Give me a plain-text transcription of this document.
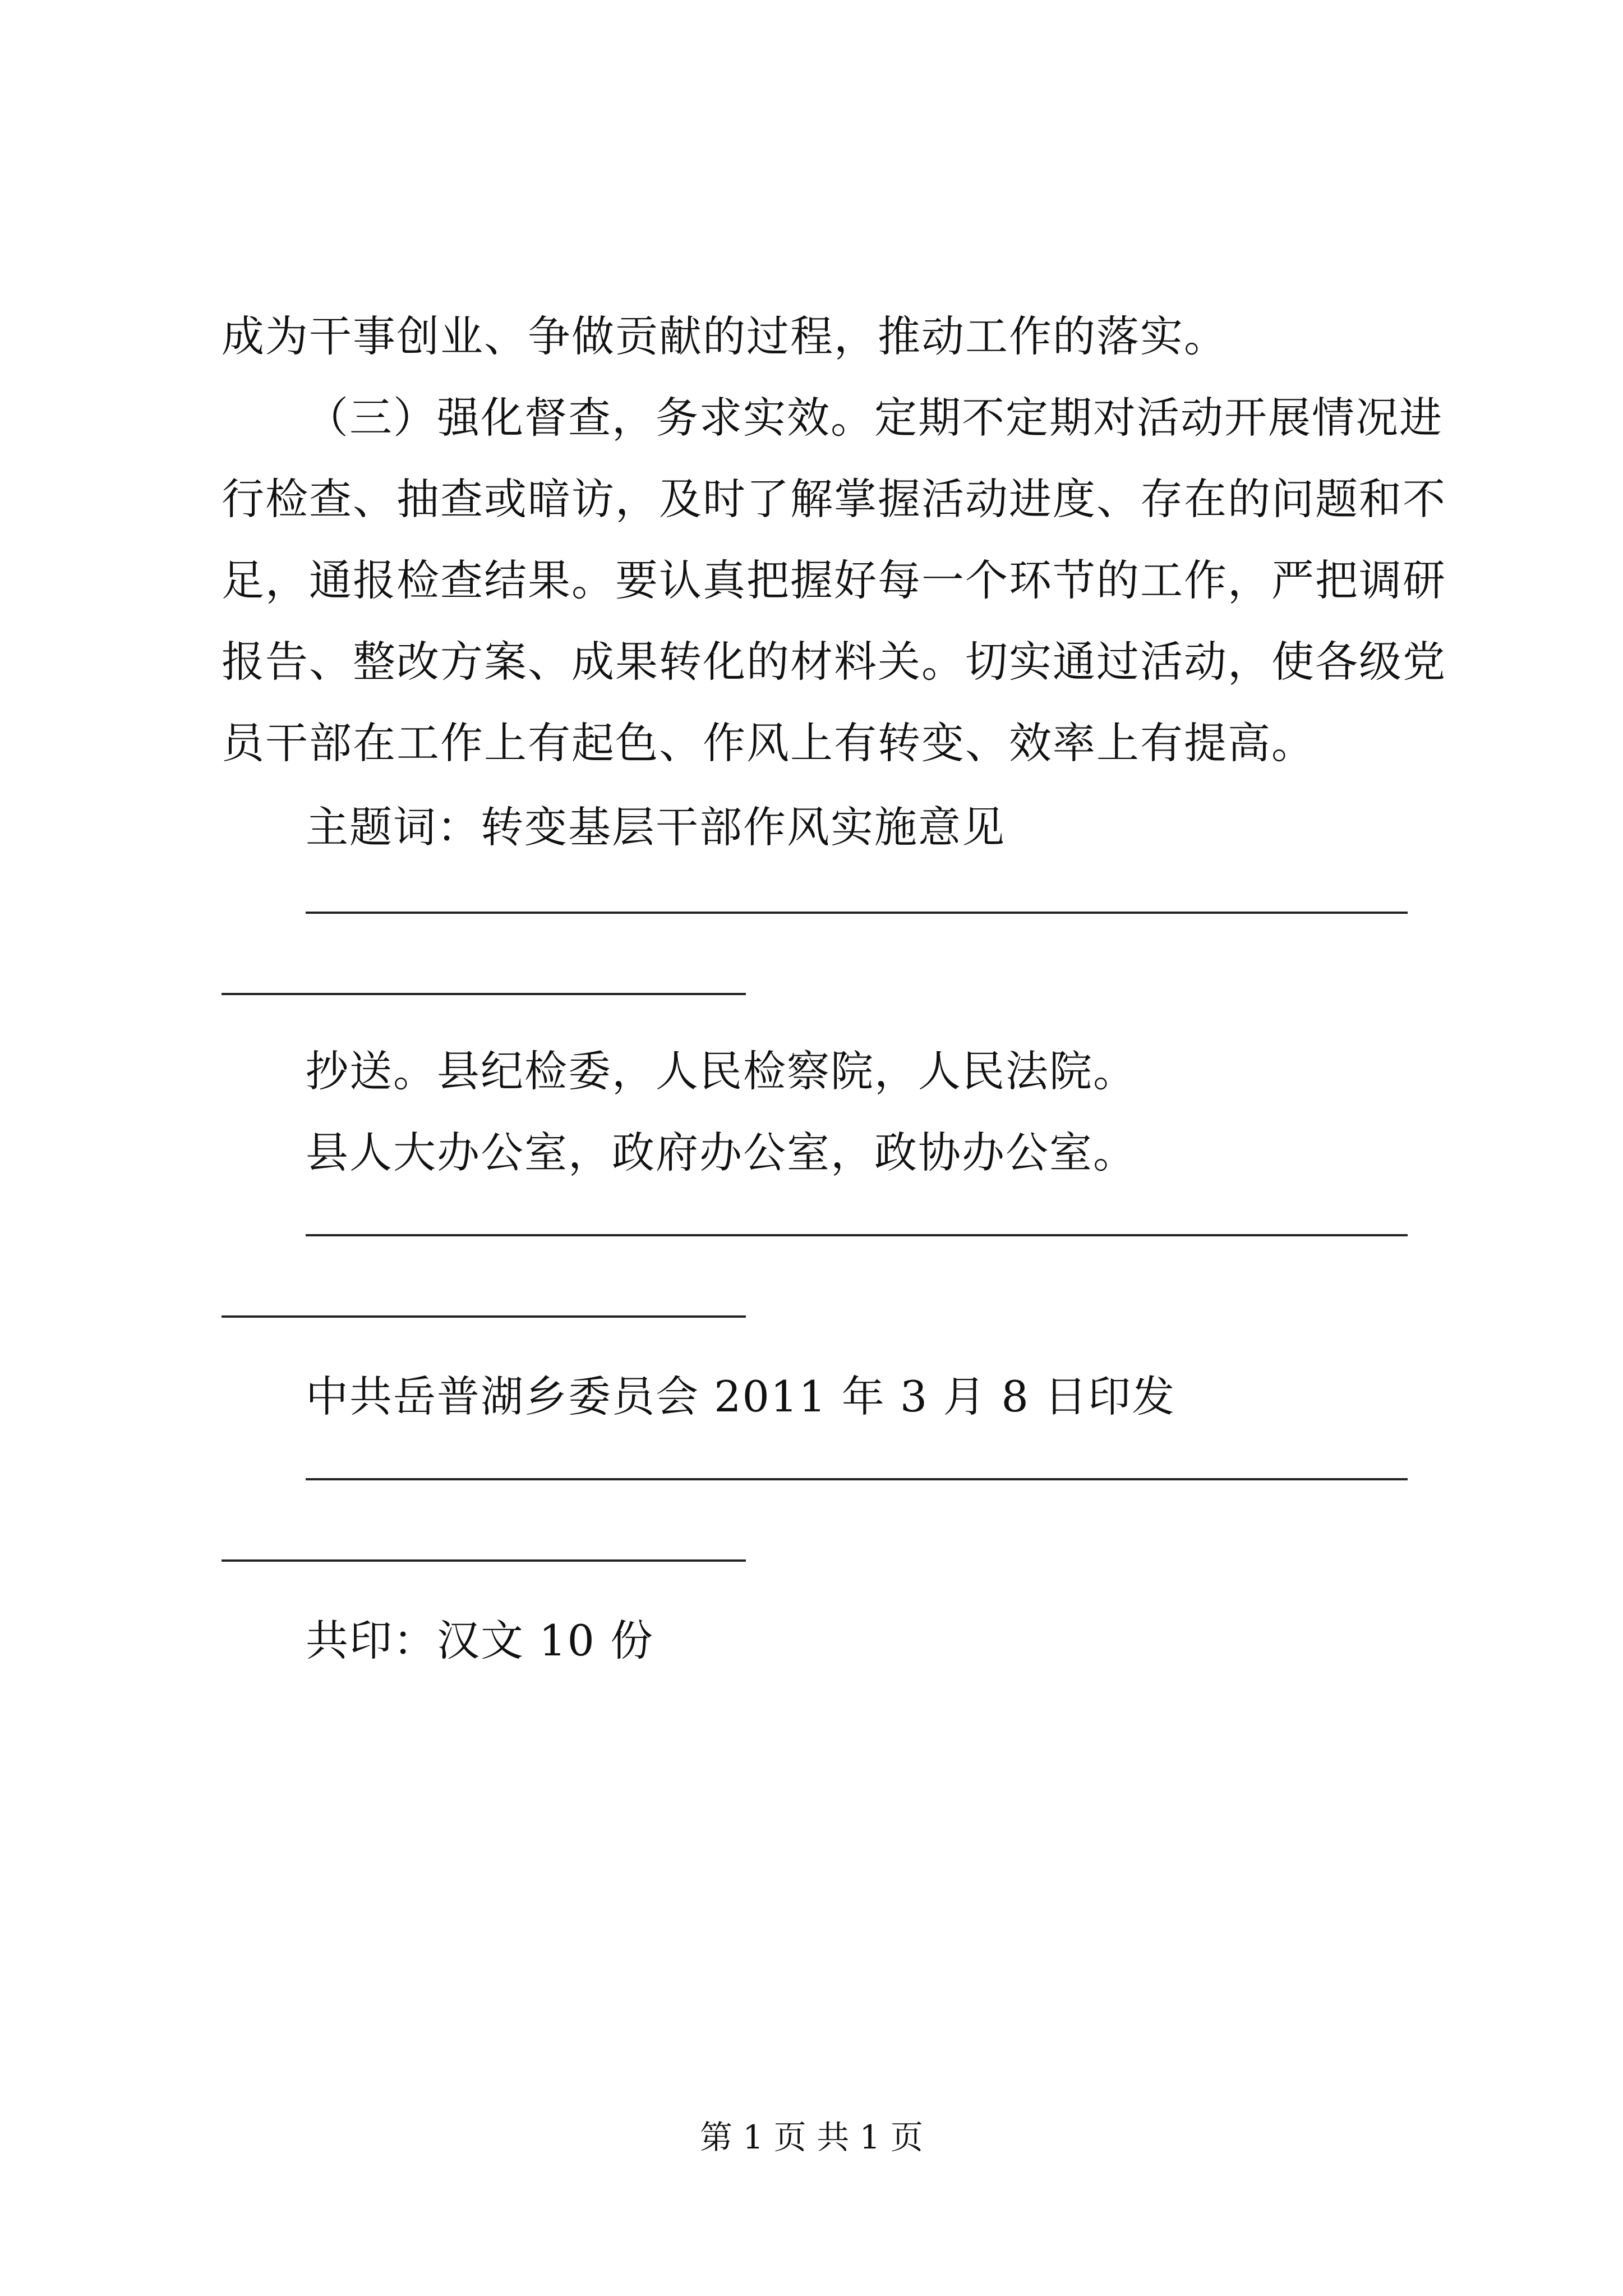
成为干事创业、争做贡献的过程，推动工作的落实。
（三）强化督查，务求实效。定期不定期对活动开展情况进
行检查、抽查或暗访，及时了解掌握活动进度、存在的问题和不
足，通报检查结果。要认真把握好每一个环节的工作，严把调研
报告、整改方案、成果转化的材料关。切实通过活动，使各级党
员干部在工作上有起色、作风上有转变、效率上有提高。
主题词：转变基层干部作风实施意见
抄送。县纪检委，人民检察院，人民法院。
县人大办公室，政府办公室，政协办公室。
中共岳普湖乡委员会 2011 年 3 月 8 日印发
共印：汉文 10 份
第 1 页 共 1 页
